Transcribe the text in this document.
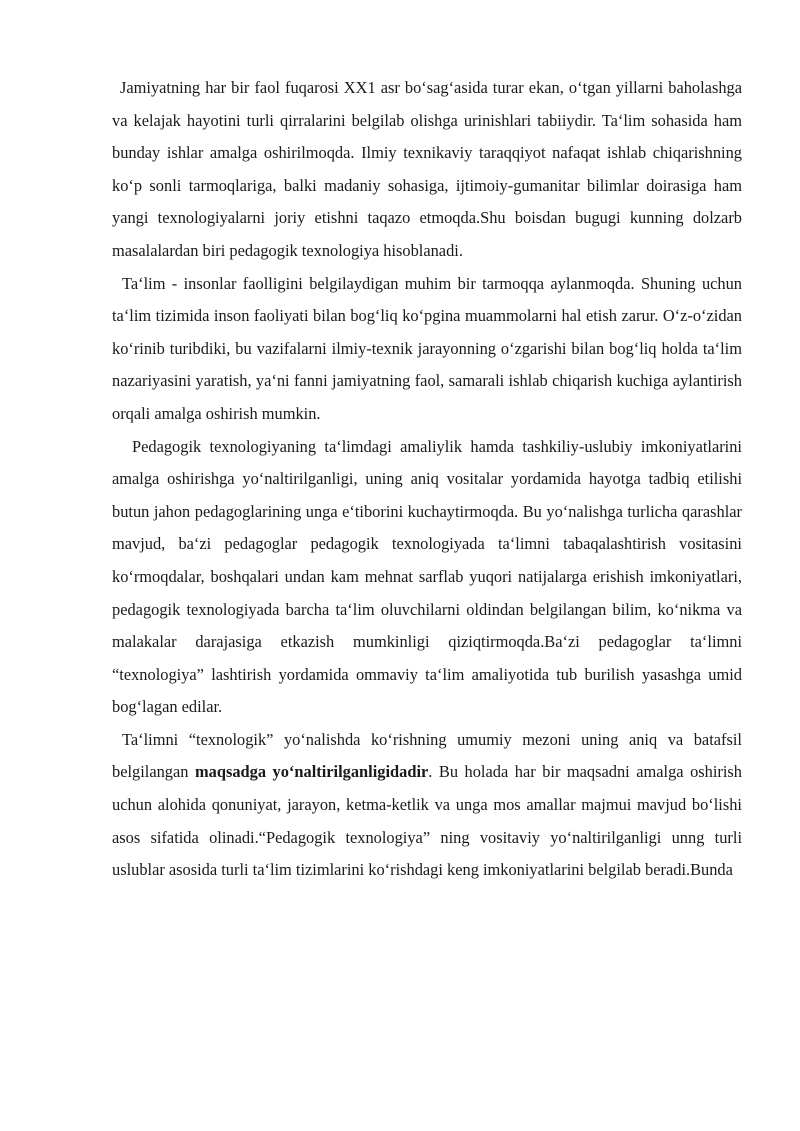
Jamiyatning har bir faol fuqarosi XX1 asr bo‘sag‘asida turar ekan, o‘tgan yillarni baholashga va kelajak hayotini turli qirralarini belgilab olishga urinishlari tabiiydir. Ta‘lim sohasida ham bunday ishlar amalga oshirilmoqda. Ilmiy texnikaviy taraqqiyot nafaqat ishlab chiqarishning ko‘p sonli tarmoqlariga, balki madaniy sohasiga, ijtimoiy-gumanitar bilimlar doirasiga ham yangi texnologiyalarni joriy etishni taqazo etmoqda.Shu boisdan bugugi kunning dolzarb masalalardan biri pedagogik texnologiya hisoblanadi.

Ta‘lim - insonlar faolligini belgilaydigan muhim bir tarmoqqa aylanmoqda. Shuning uchun ta‘lim tizimida inson faoliyati bilan bog‘liq ko‘pgina muammolarni hal etish zarur. O‘z-o‘zidan ko‘rinib turibdiki, bu vazifalarni ilmiy-texnik jarayonning o‘zgarishi bilan bog‘liq holda ta‘lim nazariyasini yaratish, ya‘ni fanni jamiyatning faol, samarali ishlab chiqarish kuchiga aylantirish orqali amalga oshirish mumkin.

Pedagogik texnologiyaning ta‘limdagi amaliylik hamda tashkiliy-uslubiy imkoniyatlarini amalga oshirishga yo‘naltirilganligi, uning aniq vositalar yordamida hayotga tadbiq etilishi butun jahon pedagoglarining unga e‘tiborini kuchaytirmoqda. Bu yo‘nalishga turlicha qarashlar mavjud, ba‘zi pedagoglar pedagogik texnologiyada ta‘limni tabaqalashtirish vositasini ko‘rmoqdalar, boshqalari undan kam mehnat sarflab yuqori natijalarga erishish imkoniyatlari, pedagogik texnologiyada barcha ta‘lim oluvchilarni oldindan belgilangan bilim, ko‘nikma va malakalar darajasiga etkazish mumkinligi qiziqtirmoqda.Ba‘zi pedagoglar ta‘limni “texnologiya” lashtirish yordamida ommaviy ta‘lim amaliyotida tub burilish yasashga umid bog‘lagan edilar.

Ta‘limni “texnologik” yo‘nalishda ko‘rishning umumiy mezoni uning aniq va batafsil belgilangan maqsadga yo‘naltirilganligidadir. Bu holada har bir maqsadni amalga oshirish uchun alohida qonuniyat, jarayon, ketma-ketlik va unga mos amallar majmui mavjud bo‘lishi asos sifatida olinadi.“Pedagogik texnologiya” ning vositaviy yo‘naltirilganligi unng turli uslublar asosida turli ta‘lim tizimlarini ko‘rishdagi keng imkoniyatlarini belgilab beradi.Bunda
